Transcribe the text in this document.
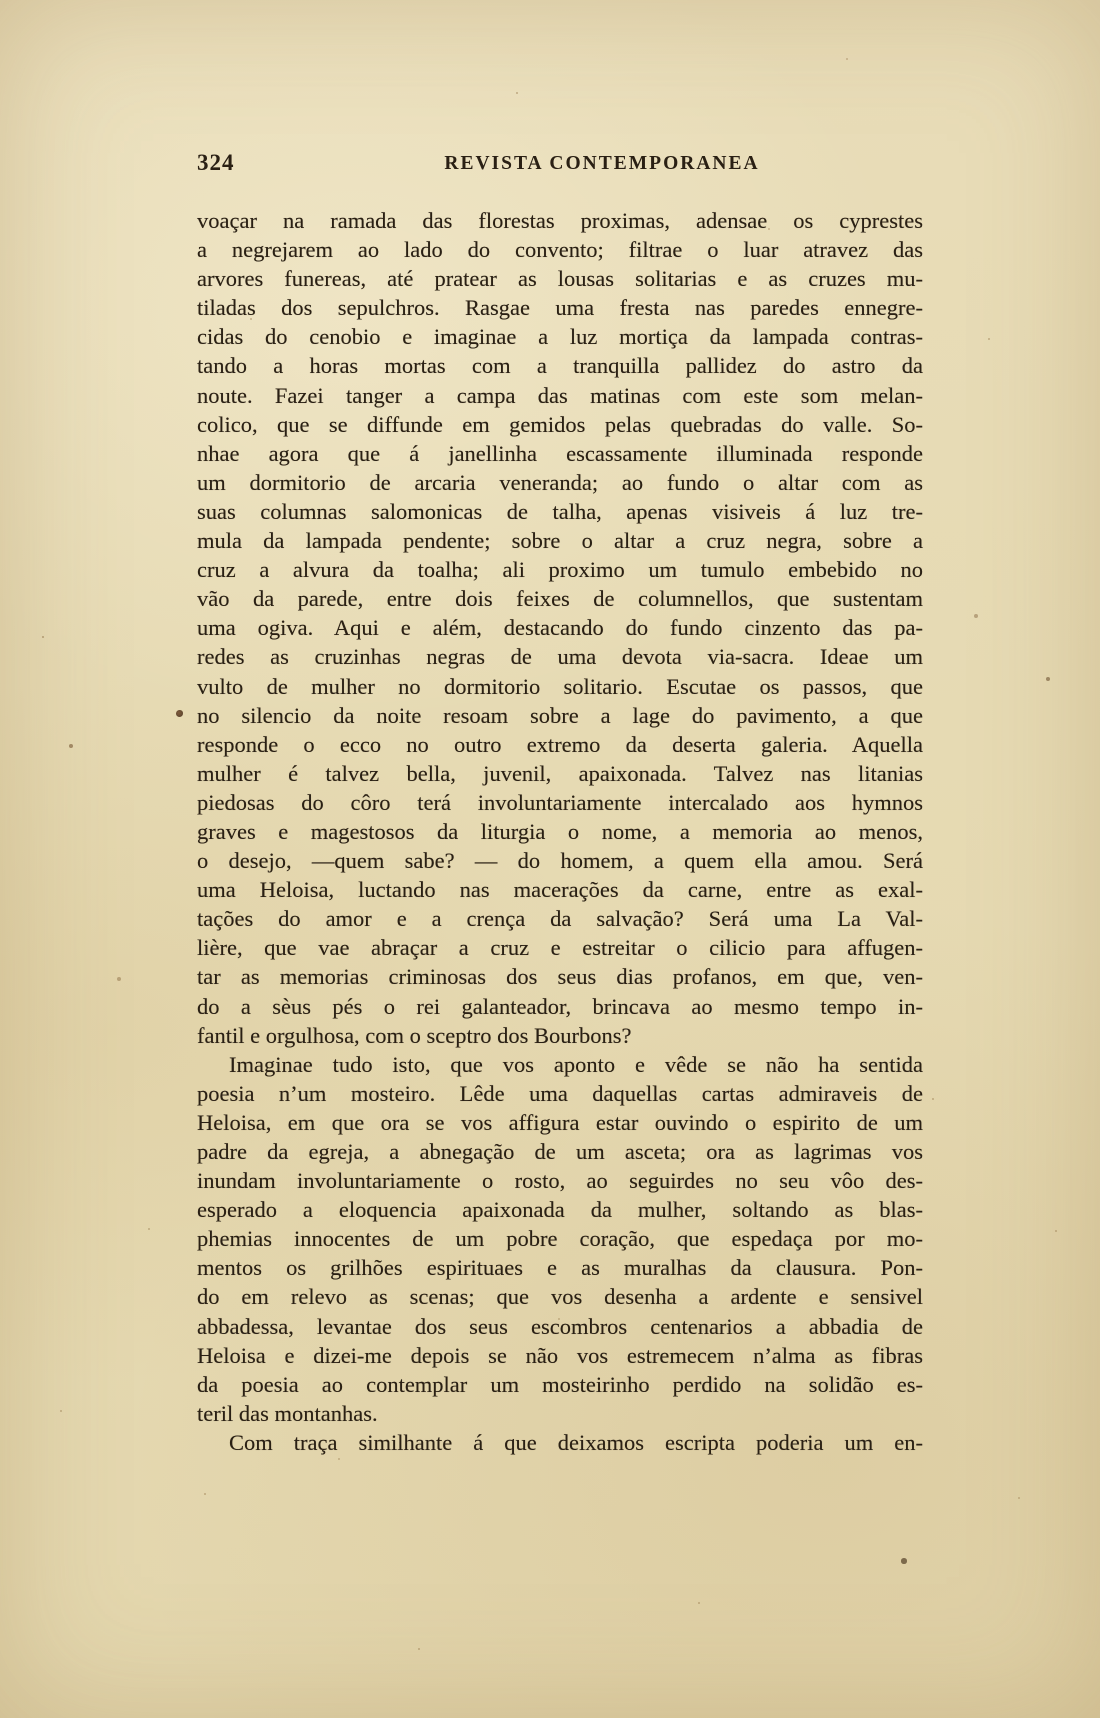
324	REVISTA CONTEMPORANEA
voaçar na ramada das florestas proximas, adensae os cyprestes
a negrejarem ao lado do convento; filtrae o luar atravez das
arvores funereas, até pratear as lousas solitarias e as cruzes mu-
tiladas dos sepulchros. Rasgae uma fresta nas paredes ennegre-
cidas do cenobio e imaginae a luz mortiça da lampada contras-
tando a horas mortas com a tranquilla pallidez do astro da
noute. Fazei tanger a campa das matinas com este som melan-
colico, que se diffunde em gemidos pelas quebradas do valle. So-
nhae agora que á janellinha escassamente illuminada responde
um dormitorio de arcaria veneranda; ao fundo o altar com as
suas columnas salomonicas de talha, apenas visiveis á luz tre-
mula da lampada pendente; sobre o altar a cruz negra, sobre a
cruz a alvura da toalha; ali proximo um tumulo embebido no
vão da parede, entre dois feixes de columnellos, que sustentam
uma ogiva. Aqui e além, destacando do fundo cinzento das pa-
redes as cruzinhas negras de uma devota via-sacra. Ideae um
vulto de mulher no dormitorio solitario. Escutae os passos, que
no silencio da noite resoam sobre a lage do pavimento, a que
responde o ecco no outro extremo da deserta galeria. Aquella
mulher é talvez bella, juvenil, apaixonada. Talvez nas litanias
piedosas do côro terá involuntariamente intercalado aos hymnos
graves e magestosos da liturgia o nome, a memoria ao menos,
o desejo, —quem sabe? — do homem, a quem ella amou. Será
uma Heloisa, luctando nas macerações da carne, entre as exal-
tações do amor e a crença da salvação? Será uma La Val-
lière, que vae abraçar a cruz e estreitar o cilicio para affugen-
tar as memorias criminosas dos seus dias profanos, em que, ven-
do a sèus pés o rei galanteador, brincava ao mesmo tempo in-
fantil e orgulhosa, com o sceptro dos Bourbons?
Imaginae tudo isto, que vos aponto e vêde se não ha sentida
poesia n’um mosteiro. Lêde uma daquellas cartas admiraveis de
Heloisa, em que ora se vos affigura estar ouvindo o espirito de um
padre da egreja, a abnegação de um asceta; ora as lagrimas vos
inundam involuntariamente o rosto, ao seguirdes no seu vôo des-
esperado a eloquencia apaixonada da mulher, soltando as blas-
phemias innocentes de um pobre coração, que espedaça por mo-
mentos os grilhões espirituaes e as muralhas da clausura. Pon-
do em relevo as scenas; que vos desenha a ardente e sensivel
abbadessa, levantae dos seus escombros centenarios a abbadia de
Heloisa e dizei-me depois se não vos estremecem n’alma as fibras
da poesia ao contemplar um mosteirinho perdido na solidão es-
teril das montanhas.
Com traça similhante á que deixamos escripta poderia um en-
